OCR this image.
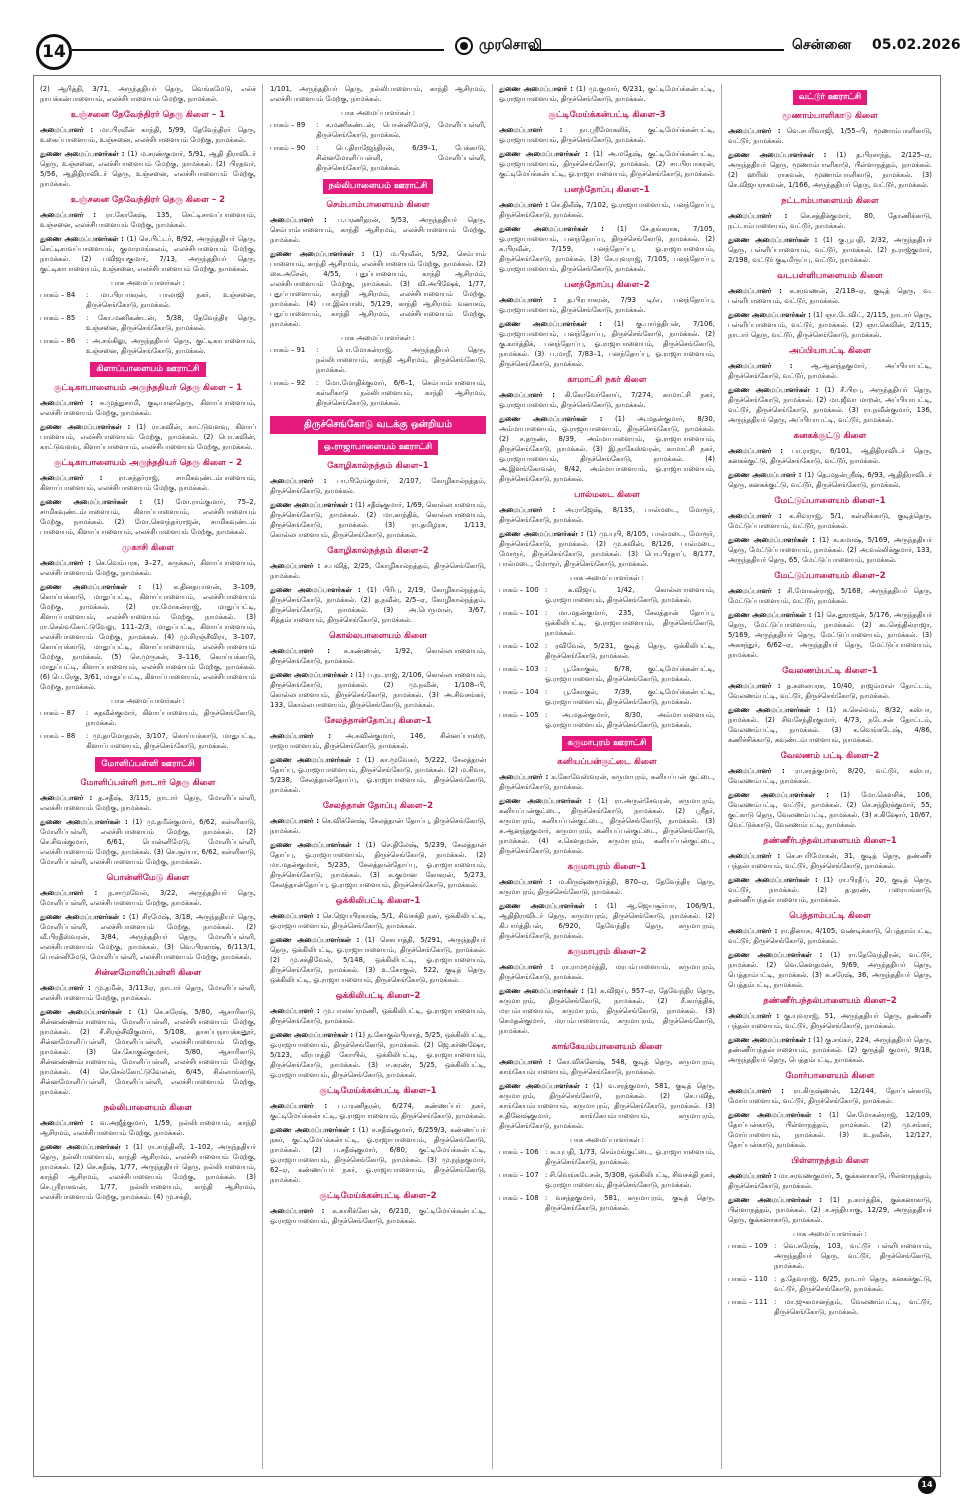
14	முரசொலி	சென்னை 05.02.2026

(2) ஆரித்தி, 3/71, அருந்ததியர் தெரு, வெங்கமேடு, எல்ச் நாயக்கன்பாளையம், எலச்சிபாளையம் மேற்கு, நாமக்கல்.

உஞ்சனை தேவேந்திரர் தெரு கிளை – 1

அமைப்பாளர் : மா.பிரவீன் காந்தி, 5/99, தேவேந்திரர் தெரு, உகைப்பாளையம், உஞ்சனை, எலச்சிபாளையம் மேற்கு, நாமக்கல்.

துணை அமைப்பாளர்கள் : (1) ம.சரண்குமார், 5/91, ஆதி திராவிடர் தெரு, உஞ்சனை, எலச்சிபாளையம் மேற்கு, நாமக்கல். (2) பிரதவர், 5/56, ஆதிதிராவிடர் தெரு, உஞ்சனை, எலச்சிபாளையம் மேற்கு, நாமக்கல்.

உஞ்சனை தேவேந்திரர் தெரு கிளை – 2

அமைப்பாளர் : ரா.கோகேஷ், 135, செட்டிசாவப்பாளையம், உஞ்சனை, எலச்சிபாளையம் மேற்கு, நாமக்கல்.

துணை அமைப்பாளர்கள் : (1) செ.பிட்டர், 8/92, அருந்ததியர் தெரு, செட்டிசாவப்பாளையம், குமாரமங்கலம், எலச்சிபாளையம் மேற்கு, நாமக்கல். (2) பவிஜயகுமார், 7/13, அருந்ததியர் தெரு, குட்டிகாபாளையம், உஞ்சனை, எலச்சிபாளையம் மேற்கு, நாமக்கல்.

பாக அமைப்பாளர்கள் :
பாகம் – 84	: மா.பிரபாகரன், பாலாஜி நகர், உஞ்சனை, திருச்செங்கோடு, நாமக்கல்.
பாகம் – 85	: கோ.மணிகண்டன், 5/38, தேவேந்திர தெரு, உஞ்சனை, திருச்செங்கோடு, நாமக்கல்.
பாகம் – 86	: அ.சங்கிலு, அருந்ததியர் தெரு, குட்டிகாபாளையம், உஞ்சனை, திருச்செங்கோடு, நாமக்கல்.
கிளாப்பாளையம் ஊராட்சி
குட்டிகாபாளையம் அருந்ததியர் தெரு கிளை – 1

அமைப்பாளர் : சு.முத்துசாமி, குடியானதெரு, கிளாப்பாளையம், எலச்சிபாளையம் மேற்கு, நாமக்கல்.

துணை அமைப்பாளர்கள் : (1) ரா.கவின், காட்டுவளவு, கிளாப் பாளையம், எலச்சிபாளையம் மேற்கு, நாமக்கல். (2) பொ.கவின், காட்டுவளவு, கிளாப்பாளையம், எலச்சிபாளையம் மேற்கு, நாமக்கல்.

குட்டிகாபாளையம் அருந்ததியர் தெரு கிளை – 2

அமைப்பாளர் : ரா.சுந்தர்ராஜ், சாமிகவுண்டம்பாளையம், கிளாப்பாளையம், எலச்சிபாளையம் மேற்கு, நாமக்கல்.

துணை அமைப்பாளர்கள் : (1) மோ.ராம்குமார், 75–2, சாமிகவுண்டம்பாளையம், கிளாப்பாளையம், எலச்சிபாளையம் மேற்கு, நாமக்கல். (2) மோ.சௌந்தர்ராஜன், சாமிகவுண்டம் பாளையம், கிளாப்பாளையம், எலச்சிபாளையம் மேற்கு, நாமக்கல்.

முகாசி கிளை

அமைப்பாளர் : செ.வெம்பரசு, 3–27, கருக்கூர், கிளாப்பாளையம், எலச்சிபாளையம் மேற்கு, நாமக்கல்.

துணை அமைப்பாளர்கள் : (1) க.தினதயாளன், 3–109, கொய்யக்காடு, மாதுப்பட்டி, கிளாப்பாளையம், எலச்சிபாளையம் மேற்கு, நாமக்கல். (2) ரா.மோகன்ராஜ், மாதுப்பட்டி, கிளாப்பாளையம், எலச்சிபாளையம் மேற்கு, நாமக்கல். (3) ரா.செல்வகோட்டுவேலு, 111–2/3, மாதுப்பட்டி, கிளாப்பாளையம், எலச்சிபாளையம் மேற்கு, நாமக்கல். (4) மு.சிரஞ்சீவிரா, 3–107, கொய்யக்காடு, மாதுப்பட்டி, கிளாப்பாளையம், எலச்சிபாளையம் மேற்கு, நாமக்கல். (5) செ.முருகன், 3–116, கொய்யக்காடு, மாதுப்பட்டி, கிளாப்பாளையம், எலச்சிபாளையம் மேற்கு, நாமக்கல். (6) பெ.ரேகு, 3/61, மாதுப்பட்டி, கிளாப்பாளையம், எலச்சிபாளையம் மேற்கு, நாமக்கல்.

பாக அமைப்பாளர்கள் :
பாகம் – 87	: சுதவீன்குமார், கிளாப்பாளையம், திருச்செங்கோடு, நாமக்கல்.
பாகம் – 88	: மு.தாமோதரன், 3/107, கொய்யக்காடு, மாதுபட்டி, கிளாப்பாளையம், திருச்செங்கோடு, நாமக்கல்.
மோளிப்பள்ளி ஊராட்சி
மோளிப்பள்ளி நாடார் தெரு கிளை

அமைப்பாளர் : த.சதீஷ், 3/115, நாடார் தெரு, மோளிப்பள்ளி, எலச்சிபாளையம் மேற்கு, நாமக்கல்.

துணை அமைப்பாளர்கள் : (1) மு.தமீன்குமார், 6/62, கள்ளிகாடு, மோளிப்பள்ளி, எலச்சிபாளையம் மேற்கு, நாமக்கல். (2) செ.சிவக்குமார், 6/61, பொன்னிமேடு, மோளிப்பள்ளி, எலச்சிபாளையம் மேற்கு, நாமக்கல். (3) செ.சூர்யா, 6/62, கள்ளிகாடு, மோளிப்பள்ளி, எலச்சிபாளையம் மேற்கு, நாமக்கல்.

பொன்னிமேடு கிளை

அமைப்பாளர் : ந.சாமுவேல், 3/22, அருந்ததியர் தெரு, மோளிப்பள்ளி, எலச்சிபாளையம் மேற்கு, நாமக்கல்.

துணை அமைப்பாளர்கள் : (1) சிரமேஷ், 3/18, அருந்ததியர் தெரு, மோளிப்பள்ளி, எலச்சிபாளையம் மேற்கு, நாமக்கல். (2) வீ.பிரதீஸ்வரன், 3/84, அருந்ததியர் தெரு, மோளிப்பள்ளி, எலச்சிபாளையம் மேற்கு, நாமக்கல். (3) வெ.பிரகாஷ், 6/113/1, பொன்னிமேடு, மோளிப்பள்ளி, எலச்சிபாளையம் மேற்கு, நாமக்கல்.

சின்னமோளிப்பள்ளி கிளை

அமைப்பாளர் : மு.தமீன், 3/113ஏ, நாடார் தெரு, மோளிப்பள்ளி, எலச்சிபாளையம் மேற்கு, நாமக்கல்.

துணை அமைப்பாளர்கள் : (1) செ.சுரேஷ், 5/80, ஆசாரிகாடு, சின்னண்ணம்பாளையம், மோளிப்பள்ளி, எலச்சிபாளையம் மேற்கு, நாமக்கல். (2) சீ.சிரஞ்சீவிகுமார், 5/108, தாசப்பநாயக்கனூர், சின்னமோளிப்பள்ளி, மோளிப்பள்ளி, எலச்சிபாளையம் மேற்கு, நாமக்கல். (3) செ.கோகுல்குமார், 5/80, ஆசாரிகாடு, சின்னண்ணம்பாளையம், மோளிப்பள்ளி, எலச்சிபாளையம் மேற்கு, நாமக்கல். (4) செ.செல்கோட்டுவேலன், 6/45, சில்லாங்காடு, சின்னமோளிப்பள்ளி, மோளிப்பள்ளி, எலச்சிபாளையம் மேற்கு, நாமக்கல்.

நல்லிபாளையம் கிளை

அமைப்பாளர் : வ.அஜீத்குமார், 1/59, நல்லிபாளையம், காந்தி ஆசிரமம், எலச்சிபாளையம் மேற்கு, நாமக்கல்.

துணை அமைப்பாளர்கள் : (1) ரா.சாந்தினி, 1–102, அருந்ததியர் தெரு, நல்லிபாளையம், காந்தி ஆசிரமம், எலச்சிபாளையம் மேற்கு, நாமக்கல். (2) செ.சுதீஷ், 1/77, அருந்ததியர் தெரு, நல்லிபாளையம், காந்தி ஆசிரமம், எலச்சிபாளையம் மேற்கு, நாமக்கல். (3) செ.ஸ்ரீராகவன், 1/77, நல்லிபாளையம், காந்தி ஆசிரமம், எலச்சிபாளையம் மேற்கு, நாமக்கல். (4) மு.சக்தி,

1/101, அருந்ததியர் தெரு, நல்லிபாளையம், காந்தி ஆசிரமம், எலச்சிபாளையம் மேற்கு, நாமக்கல்.

பாக அமைப்பாளர்கள் :
பாகம் – 89	: ச.மணிகண்டன், பொன்னிமேடு, மோளிப்பள்ளி, திருச்செங்கோடு, நாமக்கல்.
பாகம் – 90	: பெ.திராஜேந்திரன், 6/39–1, பேக்காடு, சின்னமோளிப்பள்ளி, மோளிப்பள்ளி, திருச்செங்கோடு, நாமக்கல்.
நல்லிபாளையம் ஊராட்சி
செம்பாம்பாளையம் கிளை

அமைப்பாளர் : ப.பரணிதரன், 5/53, அருந்ததியர் தெரு, செம்பாம்பாளையம், காந்தி ஆசிரமம், எலச்சிபாளையம் மேற்கு, நாமக்கல்.

துணை அமைப்பாளர்கள் : (1) ம.பிரவீன், 5/92, செம்பாம் பாளையம், காந்தி ஆசிரமம், எலச்சிபாளையம் மேற்கு, நாமக்கல். (2) கை.அசேன், 4/55, புதுப்பாளையம், காந்தி ஆசிரமம், எலச்சிபாளையம் மேற்கு, நாமக்கல். (3) வி.அபிஷேக், 1/77, புதுப்பாளையம், காந்தி ஆசிரமம், எலச்சிபாளையம் மேற்கு, நாமக்கல். (4) பா.இல்யாஸ், 5/129, காந்தி ஆசிரமம் வனாசம், புதுப்பாளையம், காந்தி ஆசிரமம், எலச்சிபாளையம் மேற்கு, நாமக்கல்.

பாக அமைப்பாளர்கள் :
பாகம் – 91	: பொ.மோகன்ராஜ், அருந்ததியர் தெரு, நல்லிபாளையம், காந்தி ஆசிரமம், திருச்செங்கோடு, நாமக்கல்.
பாகம் – 92	: மோ.மோதிக்குமார், 6/6–1, செம்பாம்பாளையம், கள்ளிகாடு நல்லிபாளையம், காந்தி ஆசிரமம், திருச்செங்கோடு, நாமக்கல்.
திருச்செங்கோடு வடக்கு ஒன்றியம்
ஒ.ராஜாபாளையம் ஊராட்சி
கோழிகால்நத்தம் கிளை–1

அமைப்பாளர் : பா.பிரேம்குமார், 2/107, கோழிகால்நத்தம், திருச்செங்கோடு, நாமக்கல்.

துணை அமைப்பாளர்கள் : (1) சதீஷ்குமார், 1/69, கொல்லபாளையம், திருச்செங்கோடு, நாமக்கல். (2) மா.காந்திக், கொல்லபாளையம், திருச்செங்கோடு, நாமக்கல். (3) ரா.தமிழரசு, 1/113, கொல்லபாளையம், திருச்செங்கோடு, நாமக்கல்.

கோழிகால்நத்தம் கிளை–2

அமைப்பாளர் : ச.பவித், 2/25, கோழிகால்நத்தம், திருச்செங்கோடு, நாமக்கல்.

துணை அமைப்பாளர்கள் : (1) பிரிபு, 2/19, கோழிகால்நத்தம், திருச்செங்கோடு, நாமக்கல். (2) த.நவீன், 2/5–ஏ, கோழிகால்நத்தம், திருச்செங்கோடு, நாமக்கல். (3) அ.பெருமாள், 3/67, சித்தம்பாளையம், திருச்செங்கோடு, நாமக்கல்.

கொல்லபாளையம் கிளை

அமைப்பாளர் : க.கண்ணன், 1/92, கொல்லபாளையம், திருச்செங்கோடு, நாமக்கல்.

துணை அமைப்பாளர்கள் : (1) ப.நடராஜ், 2/106, கொல்லபாளையம், திருச்செங்கோடு, நாமக்கல். (2) மு.நவீன், 1/108–பி, கொல்லபாளையம், திருச்செங்கோடு, நாமக்கல். (3) அ.சிவசங்கர், 133, கொல்லபாளையம், திருச்செங்கோடு, நாமக்கல்.

சேலத்தான்தோப்பு கிளை–1

அமைப்பாளர் : அ.சுவின்குமார், 146, சின்னப்பாறை, ராஜாபாளையம், திருச்செங்கோடு, நாமக்கல்.

துணை அமைப்பாளர்கள் : (1) கா.மூவேசுர், 5/222, சேலத்தான் தோப்பு, ஓ.ராஜாபாளையம், திருச்செங்கோடு, நாமக்கல். (2) ம.சிவா, 5/238, சேலத்தான்தோப்பு, ஓ.ராஜாபாளையம், திருச்செங்கோடு, நாமக்கல்.

சேலத்தான் தோப்பு கிளை–2

அமைப்பாளர் : செ.விக்னேஷ், சேலத்தான் தோப்பு, திருச்செங்கோடு, நாமக்கல்.

துணை அமைப்பாளர்கள் : (1) செ.திலேஷ், 5/239, சேலத்தான் தோப்பு, ஓ.ராஜாபாளையம், திருச்செங்கோடு, நாமக்கல். (2) மா.மதன்குமார், 5/235, சேலத்தான்தோப்பு, ஓ.ராஜாபாளையம், திருச்செங்கோடு, நாமக்கல். (3) க.குமான கோகரன், 5/273, சேலத்தான்தோப்பு, ஓ.ராஜாபாளையம், திருச்செங்கோடு, நாமக்கல்.

ஒக்கிலிபட்டி கிளை–1

அமைப்பாளர் : செ.ஜெயபிரகாஷ், 5/1, சிவசக்தி நகர், ஒக்கிலிபட்டி, ஓ.ராஜாபாளையம், திருச்செங்கோடு, நாமக்கல்.

துணை அமைப்பாளர்கள் : (1) செசுபாத்தி, 5/291, அருந்ததியர் தெரு, ஒக்கிலிபட்டி, ஓ.ராஜாபாளையம், திருச்செங்கோடு, நாமக்கல். (2) மு.சக்திவேல், 5/148, ஒக்கிலிபட்டி, ஓ.ராஜாபாளையம், திருச்செங்கோடு, நாமக்கல். (3) உ.கோகுல், 522, குடித் தெரு, ஒக்கிலிபட்டி, ஓ.ராஜாபாளையம், திருச்செங்கோடு, நாமக்கல்.

ஒக்கிலிபட்டி கிளை–2

அமைப்பாளர் : மு.பாலகப்ரமணி, ஒக்கிலிபட்டி, ஓ.ராஜாபாளையம், திருச்செங்கோடு, நாமக்கல்.

துணை அமைப்பாளர்கள் : (1) ந.கோகுல்பிரசாத், 5/25, ஒக்கிலிபட்டி, ஓ.ராஜாபாளையம், திருச்செங்கோடு, நாமக்கல். (2) ஜெ.கர்ணஷோ, 5/123, வீரபாத்தி கோயில், ஒக்கிலிபட்டி, ஓ.ராஜாபாளையம், திருச்செங்கோடு, நாமக்கல். (3) ஈ.கரண், 5/25, ஒக்கிலிபட்டி, ஓ.ராஜாபாளையம், திருச்செங்கோடு, நாமக்கல்.

குட்டிமேய்க்கன்பட்டி கிளை–1

அமைப்பாளர் : ப.பரணிதரன், 6/274, கண்ணப்பர் நகர், குட்டிமேய்க்கன்பட்டி, ஓ.ராஜாபாளையம், திருச்செங்கோடு, நாமக்கல்.

துணை அமைப்பாளர்கள் : (1) ச.சதீஷ்குமார், 6/259/3, கண்ணப்பர் நகர், குட்டிமேய்க்கன்பட்டி, ஓ.ராஜாபாளையம், திருச்செங்கோடு, நாமக்கல். (2) ப.சதீஷ்குமார், 6/80, குட்டிமேய்க்கன்பட்டி, ஓ.ராஜாபாளையம், திருச்செங்கோடு, நாமக்கல். (3) மு.நந்தகுமார், 62–ஏ, கண்ணப்பர் நகர், ஓ.ராஜாபாளையம், திருச்செங்கோடு, நாமக்கல்.

குட்டிமேய்க்கன்பட்டி கிளை–2

அமைப்பாளர் : க.காசிக்கேயன், 6/210, குட்டிமேய்க்கன்பட்டி, ஓ.ராஜாபாளையம், திருச்செங்கோடு, நாமக்கல்.

துணை அமைப்பாளர் : (1) மு.குமார், 6/231, குட்டிமேய்க்கன்பட்டி, ஓ.ராஜாபாளையம், திருச்செங்கோடு, நாமக்கல்.

குட்டிமேய்க்கன்பட்டி கிளை–3

அமைப்பாளர் : நா.ஸ்ரீமோகலிக், குட்டிமேய்க்கன்பட்டி, ஓ.ராஜாபாளையம், திருச்செங்கோடு, நாமக்கல்.

துணை அமைப்பாளர்கள் : (1) அ.மதேஷ், குட்டிமேய்க்கன்பட்டி, ஓ.ராஜாபாளையம், திருச்செங்கோடு, நாமக்கல். (2) சா.பிரபாகரன், குட்டிமேய்க்கன்பட்டி, ஓ.ராஜாபாளையம், திருச்செங்கோடு, நாமக்கல்.

பனந்தோப்பு கிளை–1

அமைப்பாளர் : செ.திலீஷ், 7/102, ஓ.ராஜாபாளையம், பனந்தோப்பு, திருச்செங்கோடு, நாமக்கல்.

துணை அமைப்பாளர்கள் : (1) சே.தங்கராசு, 7/105, ஓ.ராஜாபாளையம், பனந்தோப்பு, திருச்செங்கோடு, நாமக்கல். (2) க.பிரவீன், 7/159, பனந்தோப்பு, ஓ.ராஜாபாளையம், திருச்செங்கோடு, நாமக்கல். (3) சே.யுவராஜ், 7/105, பனந்தோப்பு, ஓ.ராஜாபாளையம், திருச்செங்கோடு, நாமக்கல்.

பனந்தோப்பு கிளை–2

அமைப்பாளர் : த.பிரபாகரன், 7/93 டி/எ, பனந்தோப்பு, ஓ.ராஜாபாளையம், திருச்செங்கோடு, நாமக்கல்.

துணை அமைப்பாளர்கள் : (1) கு.பார்த்திபன், 7/106, ஓ.ராஜாபாளையம், பனந்தோப்பு, திருச்செங்கோடு, நாமக்கல். (2) கு.கார்த்திக், பனந்தோப்பு, ஓ.ராஜாபாளையம், திருச்செங்கோடு, நாமக்கல். (3) ப.மாறீ, 7/83–1, பனந்தோப்பு, ஓ.ராஜாபாளையம், திருச்செங்கோடு, நாமக்கல்.

காமாட்சி நகர் கிளை

அமைப்பாளர் : கி.கோவேர்கோய், 7/274, காமாட்சி நகர், ஓ.ராஜாபாளையம், திருச்செங்கோடு, நாமக்கல்.

துணை அமைப்பாளர்கள் : (1) அ.மதன்குமார், 8/30, அம்மாபாளையம், ஓ.ராஜாபாளையம், திருச்செங்கோடு, நாமக்கல். (2) ச.தருண், 8/39, அம்மாபாளையம், ஓ.ராஜாபாளையம், திருச்செங்கோடு, நாமக்கல். (3) இ.நாகேஸ்வரன், காமாட்சி நகர், ஓ.ராஜாபாளையம், திருச்செங்கோடு, நாமக்கல். (4) அ.இளங்கோவன், 8/42, அம்மாபாளையம், ஓ.ராஜாபாளையம், திருச்செங்கோடு, நாமக்கல்.

பால்மடை கிளை

அமைப்பாளர் : அ.ராஜேஷ், 8/135, பால்மடை, மோரூர், திருச்செங்கோடு, நாமக்கல்.

துணை அமைப்பாளர்கள் : (1) மு.யுபி, 8/105, பால்மடை, மோரூர், திருச்செங்கோடு, நாமக்கல். (2) மு.சுவின், 8/126, பால்மடை, மோரூர், திருச்செங்கோடு, நாமக்கல். (3) பொ.பிரதாப், 8/177, பால்மடை, மோரூர், திருச்செங்கோடு, நாமக்கல்.

பாக அமைப்பாளர்கள் :
பாகம் – 100 : க.விஜய், 1/42, கொல்லபாளையம், ஓ.ராஜாபாளையம், திருச்செங்கோடு, நாமக்கல்.
பாகம் – 101 : மா.மதன்குமார், 235, சேலத்தான் தோப்பு, ஒக்கிலிபட்டி, ஓ.ராஜாபாளையம், திருச்செங்கோடு, நாமக்கல்.
பாகம் – 102 : ரவிவேல், 5/231, குடித் தெரு, ஒக்கிலிபட்டி, திருச்செங்கோடு, நாமக்கல்.
பாகம் – 103 : பூ.கோகுல், 6/78, குட்டிமேய்க்கன்பட்டி, ஓ.ராஜாபாளையம், திருச்செங்கோடு, நாமக்கல்.
பாகம் – 104 : பூ.கோகுல், 7/39, குட்டிமேய்க்கன்பட்டி, ஓ.ராஜாபாளையம், திருச்செங்கோடு, நாமக்கல்.
பாகம் – 105 : அ.மதன்குமார், 8/30, அம்மாபாளையம், ஓ.ராஜாபாளையம், திருச்செங்கோடு, நாமக்கல்.
கருமாபுரம் ஊராட்சி
கனியப்பன்குட்டை கிளை

அமைப்பாளர் : க.கோவேஸ்வரன், கருமாபுரம், கனியப்பன் குட்டை, திருச்செங்கோடு, நாமக்கல்.

துணை அமைப்பாளர்கள் : (1) ரா.அருள்சேவரன், கருமாபுரம், கனியப்பன்குட்டை, திருச்செங்கோடு, நாமக்கல். (2) ஸ்ரீதர், கருமாபுரம், கனியப்பன்குட்டை, திருச்செங்கோடு, நாமக்கல். (3) சு.ஆனந்தகுமார், கருமாபுரம், கனியப்பன்குட்டை, திருச்செங்கோடு, நாமக்கல். (4) ச.கௌதமன், கருமாபுரம், கனியப்பன்குட்டை, திருச்செங்கோடு, நாமக்கல்.

கருமாபுரம் கிளை–1

அமைப்பாளர் : ம.கிருஷ்ணமூர்த்தி, 870–ஏ, தேவேந்திர தெரு, கருமாபுரம், திருச்செங்கோடு, நாமக்கல்.

துணை அமைப்பாளர்கள் : (1) ஆ.ஜெயசூர்யா, 106/9/1, ஆதிதிராவிடர் தெரு, கருமாபுரம், திருச்செங்கோடு, நாமக்கல். (2) கி.பார்த்திபன், 6/920, தேவேந்திர தெரு, கருமாபுரம், திருச்செங்கோடு, நாமக்கல்.

கருமாபுரம் கிளை–2

அமைப்பாளர் : ரா.ராமமூர்த்தி, மரபம்பாளையம், கருமாபுரம், திருச்செங்கோடு, நாமக்கல்.

துணை அமைப்பாளர்கள் : (1) க.விஜய், 957–ஏ, தேவேந்திர தெரு, கருமாபுரம், திருச்செங்கோடு, நாமக்கல். (2) சீ.கார்த்திக், மரபம்பாளையம், கருமாபுரம், திருச்செங்கோடு, நாமக்கல். (3) செமதன்குமார், மரபம்பாளையம், கருமாபுரம், திருச்செங்கோடு, நாமக்கல்.

காங்கேயம்பாளையம் கிளை

அமைப்பாளர் : கோ.விக்னேஷ், 548, குடித் தெரு, கருமாபுரம், காங்கேயம்பாளையம், திருச்செங்கோடு, நாமக்கல்.

துணை அமைப்பாளர்கள் : (1) வ.சரத்குமார், 581, குடித் தெரு, கருமாபுரம், திருச்செங்கோடு, நாமக்கல். (2) செ.பவித், காங்கேயம்பாளையம், கருமாபுரம், திருச்செங்கோடு, நாமக்கல். (3) ச.தினேஷ்குமார், காங்கேயம்பாளையம், கருமாபுரம், திருச்செங்கோடு, நாமக்கல்.

பாக அமைப்பாளர்கள் :
பாகம் – 106 : சு.யுபதி, 1/73, செம்மங்குட்டை, ஓ.ராஜாபாளையம், திருச்செங்கோடு, நாமக்கல்.
பாகம் – 107 : சி.வெங்கடேசன், 5/308, ஒக்கிலிபட்டி, சிவசக்தி நகர், ஓ.ராஜாபாளையம், திருச்செங்கோடு, நாமக்கல்.
பாகம் – 108 : வசந்தகுமார், 581, கருமாபுரம், குடித் தெரு, திருச்செங்கோடு, நாமக்கல்.
வட்டூர் ஊராட்சி
மூணாம்பாளிகாடு கிளை

அமைப்பாளர் : வெ.சபரிவாஜி, 1/55–பி, மூணாம்பாளிகாடு, வட்டூர், நாமக்கல்.

துணை அமைப்பாளர்கள் : (1) த.பிரசாந்த், 2/125–ஏ, அருந்ததியர் தெரு, மூணாம்பாளிகாடு, பிள்ளாநத்தம், நாமக்கல். (2) ஹரிஸ் ராகவன், மூணாம்பாளிகாடு, நாமக்கல். (3) செ.விஜயராகவன், 1/166, அருந்ததியர் தெரு, வட்டூர், நாமக்கல்.

நட்டாம்பாளையம் கிளை

அமைப்பாளர் : செ.சத்திக்குமார், 80, தோணிக்காடு, நட்டாம்பாளையம், வட்டூர், நாமக்கல்.

துணை அமைப்பாளர்கள் : (1) கு.பூபதி, 2/32, அருந்ததியர் தெரு, பள்ளிப்பாளையம், வட்டூர், நாமக்கல். (2) ந.ராஜ்குமார், 2/198, வட்டூர் குடிமிருப்பு, வட்டூர், நாமக்கல்.

வடபள்ளிபாளையம் கிளை

அமைப்பாளர் : க.சரவணன், 2/118–ஏ, குடித் தெரு, வ. பள்ளிபாளையம், வட்டூர், நாமக்கல்.

துணை அமைப்பாளர்கள் : (1) ஞா.டேவிட், 2/115, நாடார் தெரு, பள்ளிப்பாளையம், வட்டூர், நாமக்கல். (2) ஞா.கெவின், 2/115, நாடார் தெரு, வட்டூர், திருச்செங்கோடு, நாமக்கல்.

அப்பியாபட்டி கிளை

அமைப்பாளர் : ஆ.ஆனந்தகுமார், அப்பியாபட்டி, திருச்செங்கோடு, வட்டூர், நாமக்கல்.

துணை அமைப்பாளர்கள் : (1) சீ.பிரபு, அருந்ததியர் தெரு, திருச்செங்கோடு, நாமக்கல். (2) மா.ஜீவா மாறன், அப்பியாபட்டி, வட்டூர், திருச்செங்கோடு, நாமக்கல். (3) ரா.நவீன்குமார், 136, அருந்ததியர் தெரு, அப்பியாபட்டி, வட்டூர், நாமக்கல்.

கனகக்குட்டு கிளை

அமைப்பாளர் : பா.ராஜா, 6/101, ஆதிதிராவிடர் தெரு, கனகக்குட்டு, திருச்செங்கோடு, வட்டூர், நாமக்கல்.

துணை அமைப்பாளர் : (1) தெ.மதன்ஸ்ரீஷ், 6/93, ஆதிதிராவிடர் தெரு, கனகக்குட்டு, வட்டூர், திருச்செங்கோடு, நாமக்கல்.

மேட்டுப்பாளையம் கிளை–1

அமைப்பாளர் : க.சிவராஜ், 5/1, கள்ளிக்காடு, குடித்தெரு, மேட்டுப்பாளையம், வட்டூர், நாமக்கல்.

துணை அமைப்பாளர்கள் : (1) க.கமாஷ், 5/169, அருந்ததியர் தெரு, மேட்டுப்பாளையம், நாமக்கல். (2) அ.வல்லிக்குமார், 133, அருந்ததியர் தெரு, 65, மேட்டுப்பாளையம், நாமக்கல்.

மேட்டுப்பாளையம் கிளை–2

அமைப்பாளர் : சி.மோகன்ராஜ், 5/168, அருந்ததியர் தெரு, மேட்டுப்பாளையம், வட்டூர், நாமக்கல்.

துணை அமைப்பாளர்கள் : (1) செ.தூராஜன், 5/176, அருந்ததியர் தெரு, மேட்டுப்பாளையம், நாமக்கல். (2) கூ.செந்தில்ராஜா, 5/169, அருந்ததியர் தெரு, மேட்டுப்பாளையம், நாமக்கல். (3) அகசந்துர், 6/62–ஏ, அருந்ததியர் தெரு, மேட்டுப்பாளையம், நாமக்கல்.

வேலணம்பட்டி கிளை–1

அமைப்பாளர் : த.கலையரசு, 10/40, ராஜம்மாள் தோட்டம், வேலணம்பட்டி, வட்டூர், திருச்செங்கோடு, நாமக்கல்.

துணை அமைப்பாளர்கள் : (1) க.செல்வம், 8/32, கஸ்பா, நாமக்கல். (2) சிவசேந்திரகுமார், 4/73, நடேசன் தோட்டம், வேலணம்பட்டி, நாமக்கல். (3) க.வெங்கடேஷ், 4/86, கணிச்சிக்காடு, கவுண்டம்பாளையம், நாமக்கல்.

வேலணம் பட்டி கிளை–2

அமைப்பாளர் : ரா.சரத்குமார், 8/20, வட்டூர், கஸ்பா, வேலணம்பட்டி, நாமக்கல்.

துணை அமைப்பாளர்கள் : (1) மோ.கௌசிக், 106, வேலணம்பட்டி, வட்டூர், நாமக்கல். (2) செ.சந்திரக்குமார், 55, குட்காடு தெரு, வேலணம்பட்டி, நாமக்கல். (3) ச.கிஷோர், 10/67, வெட்டுக்காடு, வேலணம்பட்டி, நாமக்கல்.

தண்ணீர்பந்தல்பாளையம் கிளை–1

அமைப்பாளர் : செ.சபரிமோகன், 31, குடித் தெரு, தண்ணீர் பந்தல்பாளையம், வட்டூர், திருச்செங்கோடு, நாமக்கல்.

துணை அமைப்பாளர்கள் : (1) ரா.பிரதீப், 20, குடித் தெரு, வட்டூர், நாமக்கல். (2) த.தரண், பரையங்காடு, தண்ணீர்பந்தல்பாளையம், நாமக்கல்.

பெத்தாம்பட்டி கிளை

அமைப்பாளர் : ரா.தினாசு, 4/105, வண்டிக்காடு, பெத்தாம்பட்டி, வட்டூர், திருச்செங்கோடு, நாமக்கல்.

துணை அமைப்பாளர்கள் : (1) ரா.தேவேந்திரன், வட்டூர், நாமக்கல். (2) வெ.கௌதமன், 9/69, அருந்ததியர் தெரு, பெத்தாம்பட்டி, நாமக்கல். (3) சு.சரேஷ், 36, அருந்ததியர் தெரு, பெத்தம்பட்டி, நாமக்கல்.

தண்ணீர்பந்தல்பாளையம் கிளை–2

அமைப்பாளர் : கு.யுவராஜ், 51, அருந்ததியர் தெரு, தண்ணீர் பந்தல்பாளையம், வட்டூர், திருச்செங்கோடு, நாமக்கல்.

துணை அமைப்பாளர்கள் : (1) கு.சங்கர், 224, அருந்ததியர் தெரு, தண்ணீர்பந்தல்பாளையம், நாமக்கல். (2) குருத்தி குமார், 9/18, அருந்ததியர் தெரு, பெத்தம்பட்டி, நாமக்கல்.

மோர்பாளையம் கிளை

அமைப்பாளர் : ரா.கிருஷ்ணன், 12/144, தோப்பன்காடு, மோர்பாளையம், வட்டூர், திருச்செங்கோடு, நாமக்கல்.

துணை அமைப்பாளர்கள் : (1) செ.மோகன்ராஜ், 12/109, தோப்பன்காடு, பிள்ளாநத்தம், நாமக்கல். (2) மு.சங்கர், மோர்பாளையம், நாமக்கல். (3) உ.நவீன், 12/127, தோப்பன்காடு, நாமக்கல்.

பிள்ளாநத்தம் கிளை

அமைப்பாளர் : மா.சரவணகுமார், 5, குக்கனாகாடு, பிள்ளாநத்தம், திருச்செங்கோடு, நாமக்கல்.

துணை அமைப்பாளர்கள் : (1) ந.கார்த்திக், குக்கனாகாடு, பிள்ளாநத்தம், நாமக்கல். (2) ச.சந்தியாகு, 12/29, அருந்ததியர் தெரு, குக்கனாகாடு, நாமக்கல்.

பாக அமைப்பாளர்கள் :
பாகம் – 109 : வெ.சுரேஷ், 103, வட்டூர் பள்ளிபாளையம், அருந்ததியர் தெரு, வட்டூர், திருச்செங்கோடு, நாமக்கல்.
பாகம் – 110 : த.தேவராஜ், 6/25, நாடார் தெரு, கனகக்குட்டு, வட்டூர், திருச்செங்கோடு, நாமக்கல்.
பாகம் – 111 : மா.ஜுகமானந்தம், வேலணம்பட்டி, வட்டூர், திருச்செங்கோடு, நாமக்கல்.
14
